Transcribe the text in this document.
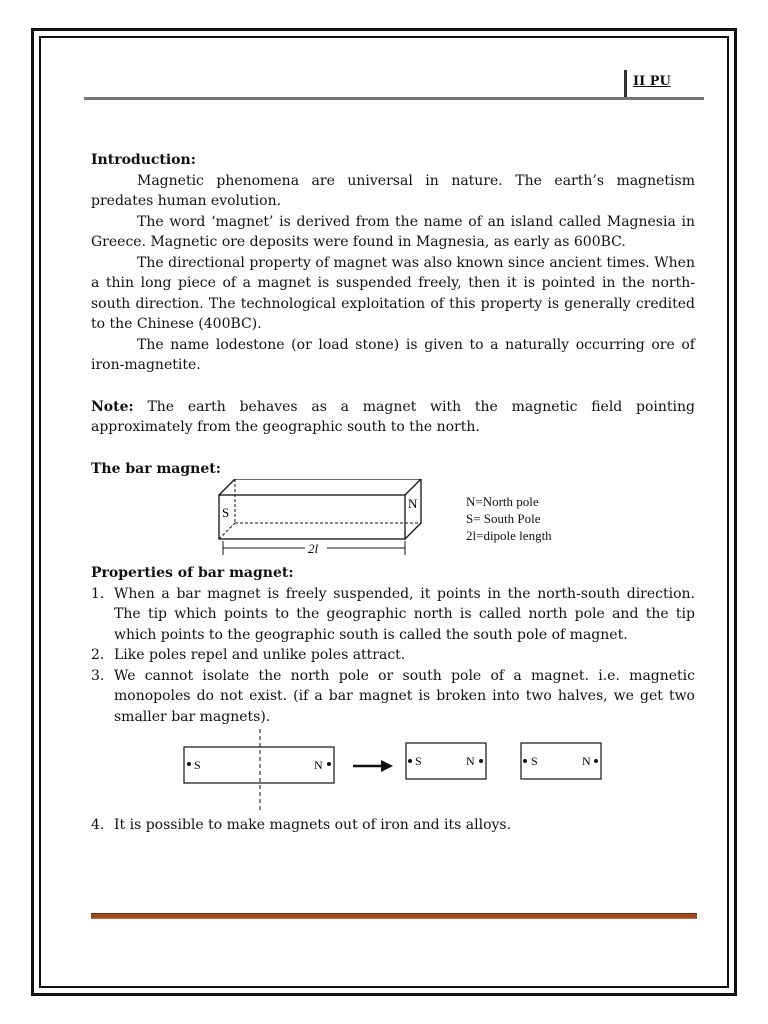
II PU

Introduction:

Magnetic phenomena are universal in nature. The earth’s magnetism predates human evolution.

The word ‘magnet’ is derived from the name of an island called Magnesia in Greece. Magnetic ore deposits were found in Magnesia, as early as 600BC.

The directional property of magnet was also known since ancient times. When a thin long piece of a magnet is suspended freely, then it is pointed in the north-south direction. The technological exploitation of this property is generally credited to the Chinese (400BC).

The name lodestone (or load stone) is given to a naturally occurring ore of iron-magnetite.

Note: The earth behaves as a magnet with the magnetic field pointing approximately from the geographic south to the north.

The bar magnet:

S
N
2l
N=North pole
S= South Pole
2l=dipole length

Properties of bar magnet:

1. When a bar magnet is freely suspended, it points in the north-south direction. The tip which points to the geographic north is called north pole and the tip which points to the geographic south is called the south pole of magnet.
2. Like poles repel and unlike poles attract.
3. We cannot isolate the north pole or south pole of a magnet. i.e. magnetic monopoles do not exist. (if a bar magnet is broken into two halves, we get two smaller bar magnets).
S	N	S	N	S	N
4. It is possible to make magnets out of iron and its alloys.
